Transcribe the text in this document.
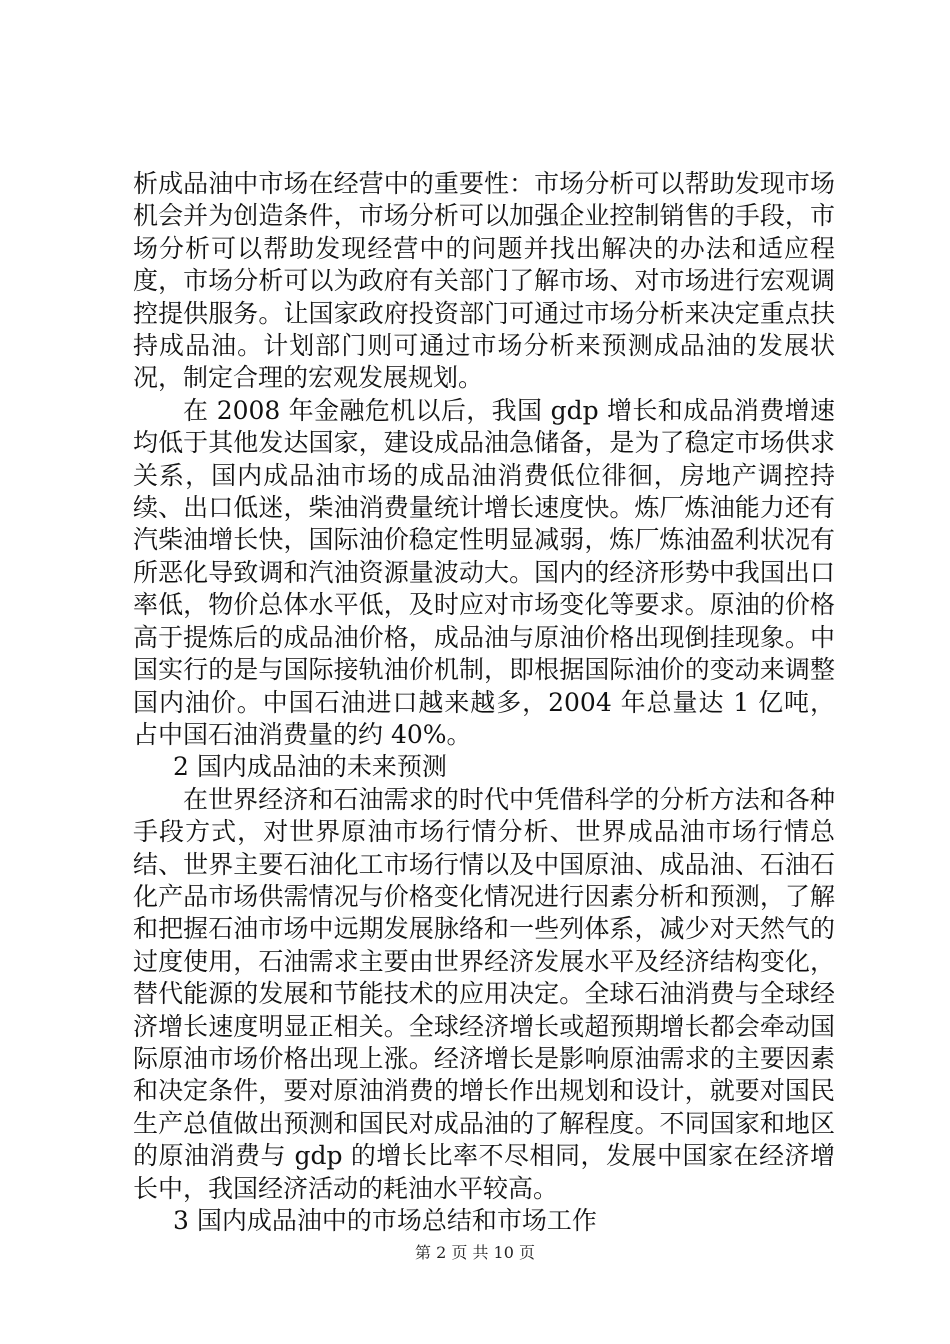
析成品油中市场在经营中的重要性：市场分析可以帮助发现市场机会并为创造条件，市场分析可以加强企业控制销售的手段，市场分析可以帮助发现经营中的问题并找出解决的办法和适应程度，市场分析可以为政府有关部门了解市场、对市场进行宏观调控提供服务。让国家政府投资部门可通过市场分析来决定重点扶持成品油。计划部门则可通过市场分析来预测成品油的发展状况，制定合理的宏观发展规划。

在 2008 年金融危机以后，我国 gdp 增长和成品消费增速均低于其他发达国家，建设成品油急储备，是为了稳定市场供求关系，国内成品油市场的成品油消费低位徘徊，房地产调控持续、出口低迷，柴油消费量统计增长速度快。炼厂炼油能力还有汽柴油增长快，国际油价稳定性明显减弱，炼厂炼油盈利状况有所恶化导致调和汽油资源量波动大。国内的经济形势中我国出口率低，物价总体水平低，及时应对市场变化等要求。原油的价格高于提炼后的成品油价格，成品油与原油价格出现倒挂现象。中国实行的是与国际接轨油价机制，即根据国际油价的变动来调整国内油价。中国石油进口越来越多，2004 年总量达 1 亿吨，占中国石油消费量的约 40%。

2 国内成品油的未来预测

在世界经济和石油需求的时代中凭借科学的分析方法和各种手段方式，对世界原油市场行情分析、世界成品油市场行情总结、世界主要石油化工市场行情以及中国原油、成品油、石油石化产品市场供需情况与价格变化情况进行因素分析和预测，了解和把握石油市场中远期发展脉络和一些列体系，减少对天然气的过度使用，石油需求主要由世界经济发展水平及经济结构变化，替代能源的发展和节能技术的应用决定。全球石油消费与全球经济增长速度明显正相关。全球经济增长或超预期增长都会牵动国际原油市场价格出现上涨。经济增长是影响原油需求的主要因素和决定条件，要对原油消费的增长作出规划和设计，就要对国民生产总值做出预测和国民对成品油的了解程度。不同国家和地区的原油消费与 gdp 的增长比率不尽相同，发展中国家在经济增长中，我国经济活动的耗油水平较高。

3 国内成品油中的市场总结和市场工作

第 2 页 共 10 页
